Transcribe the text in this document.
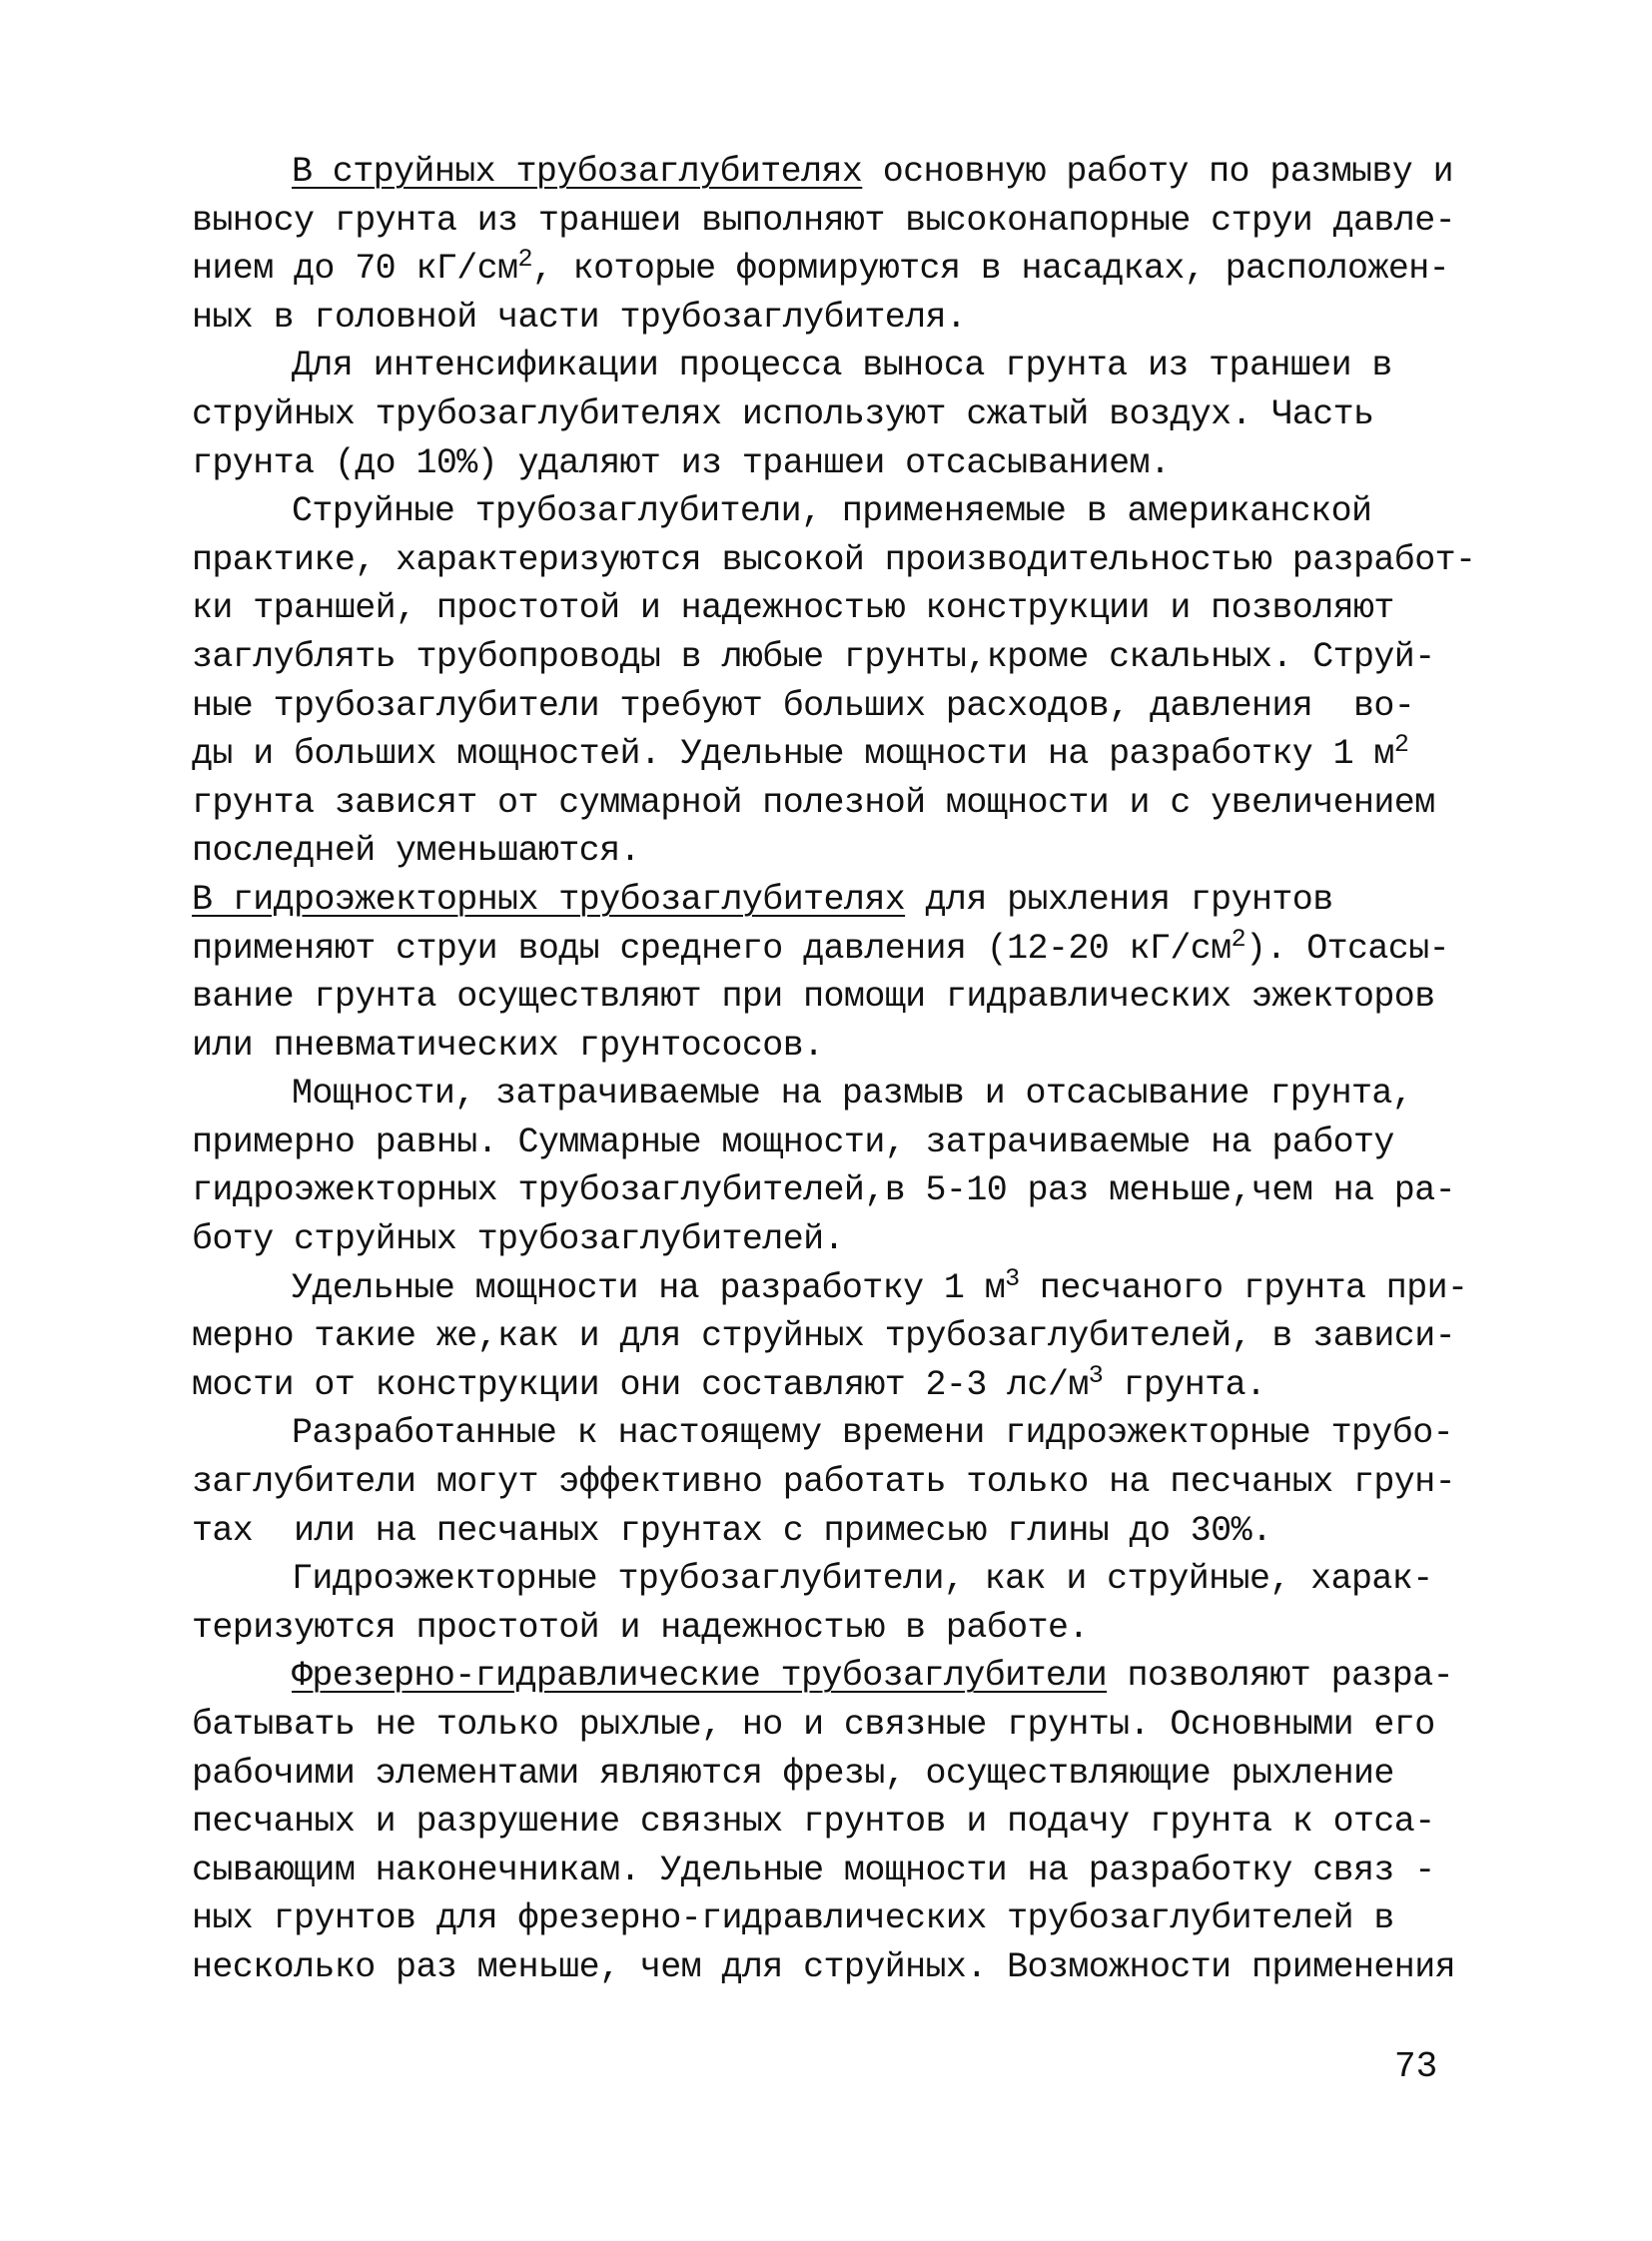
В струйных трубозаглубителях основную работу по размыву и
выносу грунта из траншеи выполняют высоконапорные струи давле-
нием до 70 $кГ/см^2$, которые формируются в насадках, расположен-
ных в головной части трубозаглубителя.

Для интенсификации процесса выноса грунта из траншеи в
струйных трубозаглубителях используют сжатый воздух. Часть
грунта (до 10%) удаляют из траншеи отсасыванием.

Струйные трубозаглубители, применяемые в американской
практике, характеризуются высокой производительностью разработ-
ки траншей, простотой и надежностью конструкции и позволяют
заглублять трубопроводы в любые грунты,кроме скальных. Струй-
ные трубозаглубители требуют больших расходов, давления  во-
ды и больших мощностей. Удельные мощности на разработку 1 $м^2$
грунта зависят от суммарной полезной мощности и с увеличением
последней уменьшаются.

В гидроэжекторных трубозаглубителях для рыхления грунтов
применяют струи воды среднего давления (12-20 $кГ/см^2$). Отсасы-
вание грунта осуществляют при помощи гидравлических эжекторов
или пневматических грунтососов.

Мощности, затрачиваемые на размыв и отсасывание грунта,
примерно равны. Суммарные мощности, затрачиваемые на работу
гидроэжекторных трубозаглубителей,в 5-10 раз меньше,чем на ра-
боту струйных трубозаглубителей.

Удельные мощности на разработку 1 $м^3$ песчаного грунта при-
мерно такие же,как и для струйных трубозаглубителей, в зависи-
мости от конструкции они составляют 2-3 $лс/м^3$ грунта.

Разработанные к настоящему времени гидроэжекторные трубо-
заглубители могут эффективно работать только на песчаных грун-
тах  или на песчаных грунтах с примесью глины до 30%.

Гидроэжекторные трубозаглубители, как и струйные, харак-
теризуются простотой и надежностью в работе.

Фрезерно-гидравлические трубозаглубители позволяют разра-
батывать не только рыхлые, но и связные грунты. Основными его
рабочими элементами являются фрезы, осуществляющие рыхление
песчаных и разрушение связных грунтов и подачу грунта к отса-
сывающим наконечникам. Удельные мощности на разработку связ -
ных грунтов для фрезерно-гидравлических трубозаглубителей в
несколько раз меньше, чем для струйных. Возможности применения

73
